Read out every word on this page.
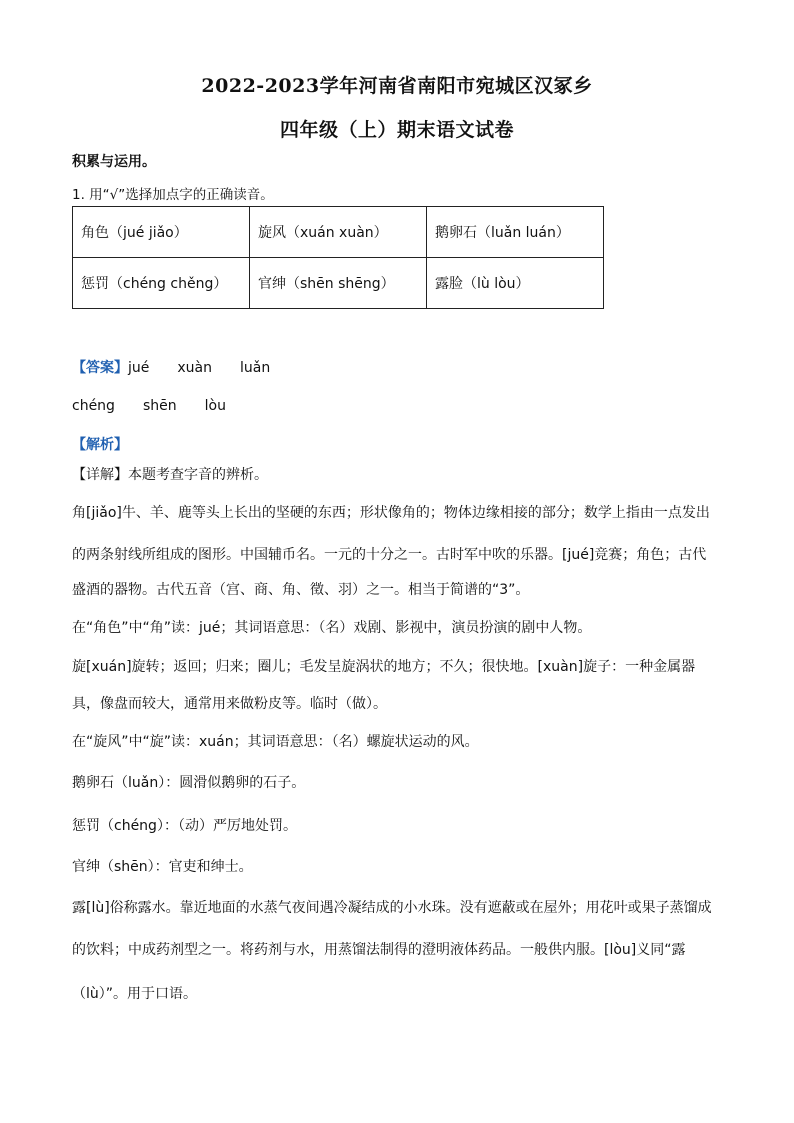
2022-2023学年河南省南阳市宛城区汉冢乡
四年级（上）期末语文试卷
积累与运用。
1. 用“√”选择加点字的正确读音。
角色（jué jiǎo）	旋风（xuán xuàn）	鹅卵石（luǎn luán）
惩罚（chéng chěng）	官绅（shēn shēng）	露脸（lù lòu）
【答案】jué xuàn luǎn
chéng shēn lòu
【解析】
【详解】本题考查字音的辨析。
角[jiǎo]牛、羊、鹿等头上长出的坚硬的东西；形状像角的；物体边缘相接的部分；数学上指由一点发出
的两条射线所组成的图形。中国辅币名。一元的十分之一。古时军中吹的乐器。[jué]竞赛；角色；古代
盛酒的器物。古代五音（宫、商、角、徵、羽）之一。相当于简谱的“3”。
在“角色”中“角”读：jué；其词语意思：（名）戏剧、影视中，演员扮演的剧中人物。
旋[xuán]旋转；返回；归来；圈儿；毛发呈旋涡状的地方；不久；很快地。[xuàn]旋子：一种金属器
具，像盘而较大，通常用来做粉皮等。临时（做）。
在“旋风”中“旋”读：xuán；其词语意思：（名）螺旋状运动的风。
鹅卵石（luǎn）：圆滑似鹅卵的石子。
惩罚（chéng）：（动）严厉地处罚。
官绅（shēn）：官吏和绅士。
露[lù]俗称露水。靠近地面的水蒸气夜间遇冷凝结成的小水珠。没有遮蔽或在屋外；用花叶或果子蒸馏成
的饮料；中成药剂型之一。将药剂与水，用蒸馏法制得的澄明液体药品。一般供内服。[lòu]义同“露
（lù）”。用于口语。
